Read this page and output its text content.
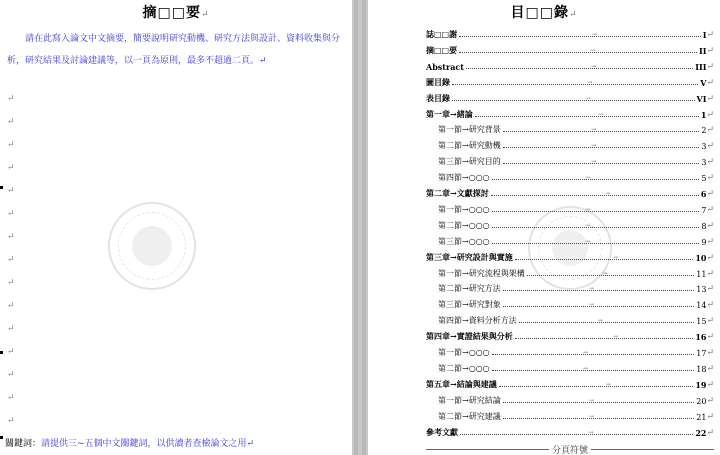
摘□□要↵
請在此寫入論文中文摘要，簡要說明研究動機、研究方法與設計、資料收集與分析，研究結果及討論建議等，以一頁為原則，最多不超過二頁。↵
↵
↵
↵
↵
↵
↵
↵
↵
↵
↵
↵
↵
↵
↵
↵
關鍵詞：請提供三~五個中文關鍵詞，以供讀者查檢論文之用↵
目□□錄↵
誌□□謝	→	I ↵
摘□□要	→	II ↵
Abstract	→	III ↵
圖目錄	→	V ↵
表目錄	→	VI ↵
第一章→緒論	→	1 ↵
第一節→研究背景	→	2 ↵
第二節→研究動機	→	3 ↵
第三節→研究目的	→	3 ↵
第四節→○○○	→	5 ↵
第二章→文獻探討	→	6 ↵
第一節→○○○	→	7 ↵
第二節→○○○	→	8 ↵
第三節→○○○	→	9 ↵
第三章→研究設計與實施	→	10 ↵
第一節→研究流程與架構	→	11 ↵
第二節→研究方法	→	13 ↵
第三節→研究對象	→	14 ↵
第四節→資料分析方法	→	15 ↵
第四章→實證結果與分析	→	16 ↵
第一節→○○○	→	17 ↵
第二節→○○○	→	18 ↵
第五章→結論與建議	→	19 ↵
第一節→研究結論	→	20 ↵
第二節→研究建議	→	21 ↵
參考文獻	→	22 ↵
分頁符號
